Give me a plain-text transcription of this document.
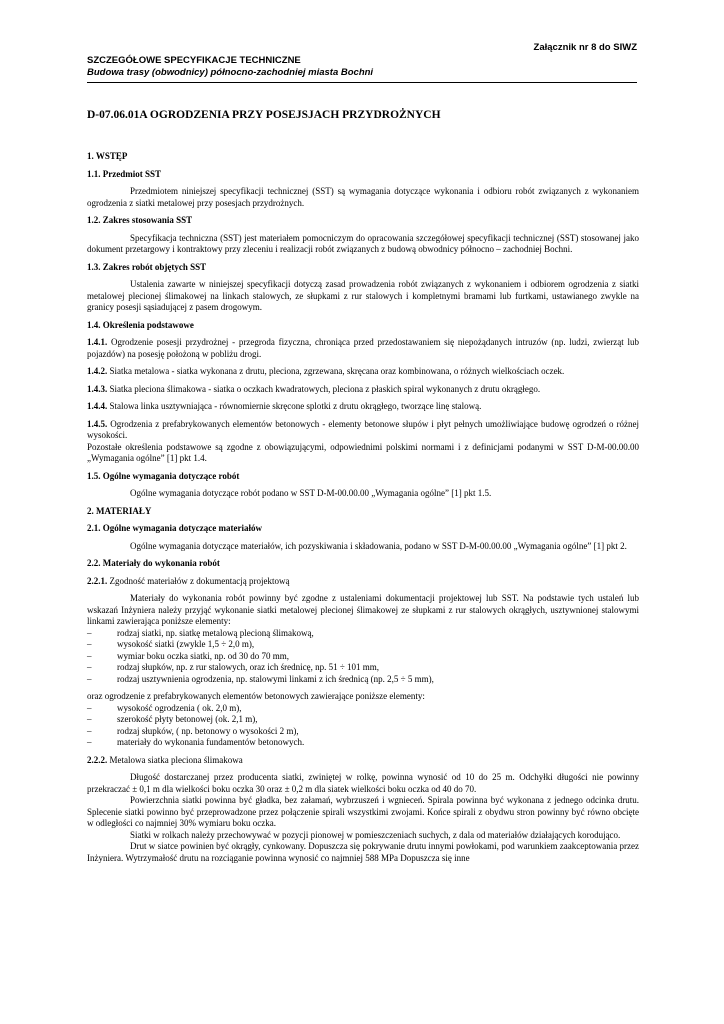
Załącznik nr 8 do SIWZ
SZCZEGÓŁOWE SPECYFIKACJE TECHNICZNE
Budowa trasy (obwodnicy) północno-zachodniej miasta Bochni
D-07.06.01A OGRODZENIA PRZY POSEJSJACH PRZYDROŻNYCH
1. WSTĘP
1.1. Przedmiot SST
Przedmiotem niniejszej specyfikacji technicznej (SST) są wymagania dotyczące wykonania i odbioru robót związanych z wykonaniem ogrodzenia z siatki metalowej przy posesjach przydrożnych.
1.2. Zakres stosowania SST
Specyfikacja techniczna (SST) jest materiałem pomocniczym do opracowania szczegółowej specyfikacji technicznej (SST) stosowanej jako dokument przetargowy i kontraktowy przy zleceniu i realizacji robót związanych z budową obwodnicy północno – zachodniej Bochni.
1.3. Zakres robót objętych SST
Ustalenia zawarte w niniejszej specyfikacji dotyczą zasad prowadzenia robót związanych z wykonaniem i odbiorem ogrodzenia z siatki metalowej plecionej ślimakowej na linkach stalowych, ze słupkami z rur stalowych i kompletnymi bramami lub furtkami, ustawianego zwykle na granicy posesji sąsiadującej z pasem drogowym.
1.4. Określenia podstawowe
1.4.1. Ogrodzenie posesji przydrożnej - przegroda fizyczna, chroniąca przed przedostawaniem się niepożądanych intruzów (np. ludzi, zwierząt lub pojazdów) na posesję położoną w pobliżu drogi.
1.4.2. Siatka metalowa - siatka wykonana z drutu, pleciona, zgrzewana, skręcana oraz kombinowana, o różnych wielkościach oczek.
1.4.3. Siatka pleciona ślimakowa - siatka o oczkach kwadratowych, pleciona z płaskich spiral wykonanych z drutu okrągłego.
1.4.4. Stalowa linka usztywniająca - równomiernie skręcone splotki z drutu okrągłego, tworzące linę stalową.
1.4.5. Ogrodzenia z prefabrykowanych elementów betonowych - elementy betonowe słupów i płyt pełnych umożliwiające budowę ogrodzeń o różnej wysokości.
Pozostałe określenia podstawowe są zgodne z obowiązującymi, odpowiednimi polskimi normami i z definicjami podanymi w SST D-M-00.00.00 „Wymagania ogólne” [1] pkt 1.4.
1.5. Ogólne wymagania dotyczące robót
Ogólne wymagania dotyczące robót podano w SST D-M-00.00.00 „Wymagania ogólne” [1] pkt 1.5.
2. MATERIAŁY
2.1. Ogólne wymagania dotyczące materiałów
Ogólne wymagania dotyczące materiałów, ich pozyskiwania i składowania, podano w SST D-M-00.00.00 „Wymagania ogólne” [1] pkt 2.
2.2. Materiały do wykonania robót
2.2.1. Zgodność materiałów z dokumentacją projektową
Materiały do wykonania robót powinny być zgodne z ustaleniami dokumentacji projektowej lub SST. Na podstawie tych ustaleń lub wskazań Inżyniera należy przyjąć wykonanie siatki metalowej plecionej ślimakowej ze słupkami z rur stalowych okrągłych, usztywnionej stalowymi linkami zawierająca poniższe elementy:
–	rodzaj siatki, np. siatkę metalową plecioną ślimakową,
–	wysokość siatki (zwykle 1,5 ÷ 2,0 m),
–	wymiar boku oczka siatki, np. od 30 do 70 mm,
–	rodzaj słupków, np. z rur stalowych, oraz ich średnicę, np. 51 ÷ 101 mm,
–	rodzaj usztywnienia ogrodzenia, np. stalowymi linkami z ich średnicą (np. 2,5 ÷ 5 mm),
oraz ogrodzenie z prefabrykowanych elementów betonowych zawierające poniższe elementy:
–	wysokość ogrodzenia ( ok. 2,0 m),
–	szerokość płyty betonowej (ok. 2,1 m),
–	rodzaj słupków, ( np. betonowy o wysokości 2 m),
–	materiały do wykonania fundamentów betonowych.
2.2.2. Metalowa siatka pleciona ślimakowa
Długość dostarczanej przez producenta siatki, zwiniętej w rolkę, powinna wynosić od 10 do 25 m. Odchyłki długości nie powinny przekraczać ± 0,1 m dla wielkości boku oczka 30 oraz ± 0,2 m dla siatek wielkości boku oczka od 40 do 70.
Powierzchnia siatki powinna być gładka, bez załamań, wybrzuszeń i wgnieceń. Spirala powinna być wykonana z jednego odcinka drutu. Splecenie siatki powinno być przeprowadzone przez połączenie spirali wszystkimi zwojami. Końce spirali z obydwu stron powinny być równo obcięte w odległości co najmniej 30% wymiaru boku oczka.
Siatki w rolkach należy przechowywać w pozycji pionowej w pomieszczeniach suchych, z dala od materiałów działających korodująco.
Drut w siatce powinien być okrągły, cynkowany. Dopuszcza się pokrywanie drutu innymi powłokami, pod warunkiem zaakceptowania przez Inżyniera. Wytrzymałość drutu na rozciąganie powinna wynosić co najmniej 588 MPa Dopuszcza się inne
